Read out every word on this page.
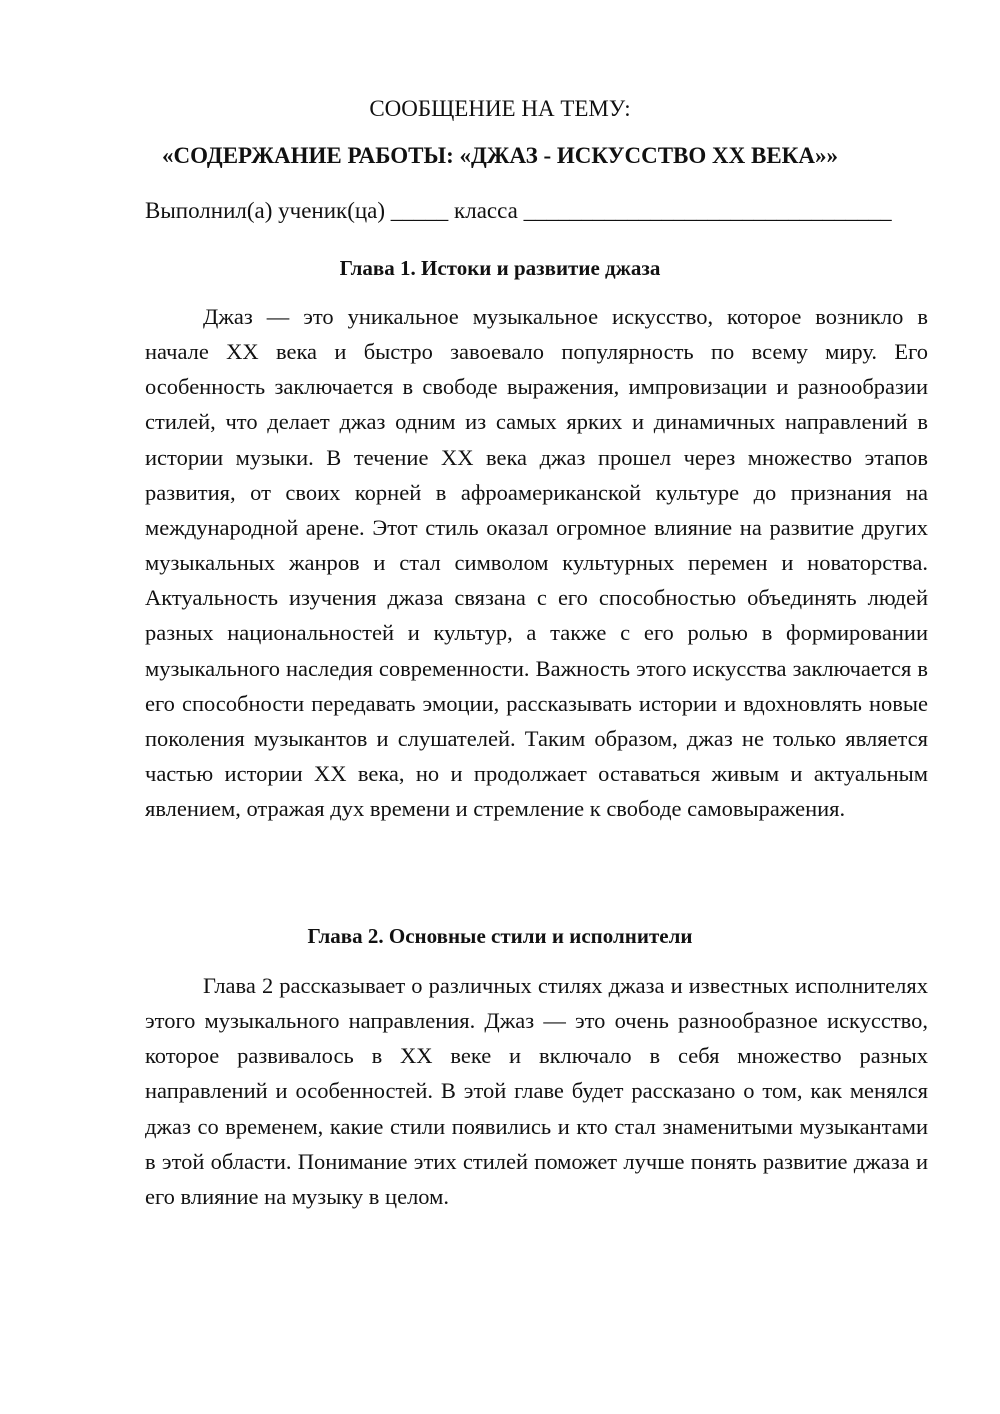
СООБЩЕНИЕ НА ТЕМУ:
«СОДЕРЖАНИЕ РАБОТЫ: «ДЖАЗ - ИСКУССТВО XX ВЕКА»»
Выполнил(а) ученик(ца) _____ класса ________________________________
Глава 1. Истоки и развитие джаза

Джаз — это уникальное музыкальное искусство, которое возникло в начале XX века и быстро завоевало популярность по всему миру. Его особенность заключается в свободе выражения, импровизации и разнообразии стилей, что делает джаз одним из самых ярких и динамичных направлений в истории музыки. В течение XX века джаз прошел через множество этапов развития, от своих корней в афроамериканской культуре до признания на международной арене. Этот стиль оказал огромное влияние на развитие других музыкальных жанров и стал символом культурных перемен и новаторства. Актуальность изучения джаза связана с его способностью объединять людей разных национальностей и культур, а также с его ролью в формировании музыкального наследия современности. Важность этого искусства заключается в его способности передавать эмоции, рассказывать истории и вдохновлять новые поколения музыкантов и слушателей. Таким образом, джаз не только является частью истории XX века, но и продолжает оставаться живым и актуальным явлением, отражая дух времени и стремление к свободе самовыражения.

Глава 2. Основные стили и исполнители

Глава 2 рассказывает о различных стилях джаза и известных исполнителях этого музыкального направления. Джаз — это очень разнообразное искусство, которое развивалось в XX веке и включало в себя множество разных направлений и особенностей. В этой главе будет рассказано о том, как менялся джаз со временем, какие стили появились и кто стал знаменитыми музыкантами в этой области. Понимание этих стилей поможет лучше понять развитие джаза и его влияние на музыку в целом.
